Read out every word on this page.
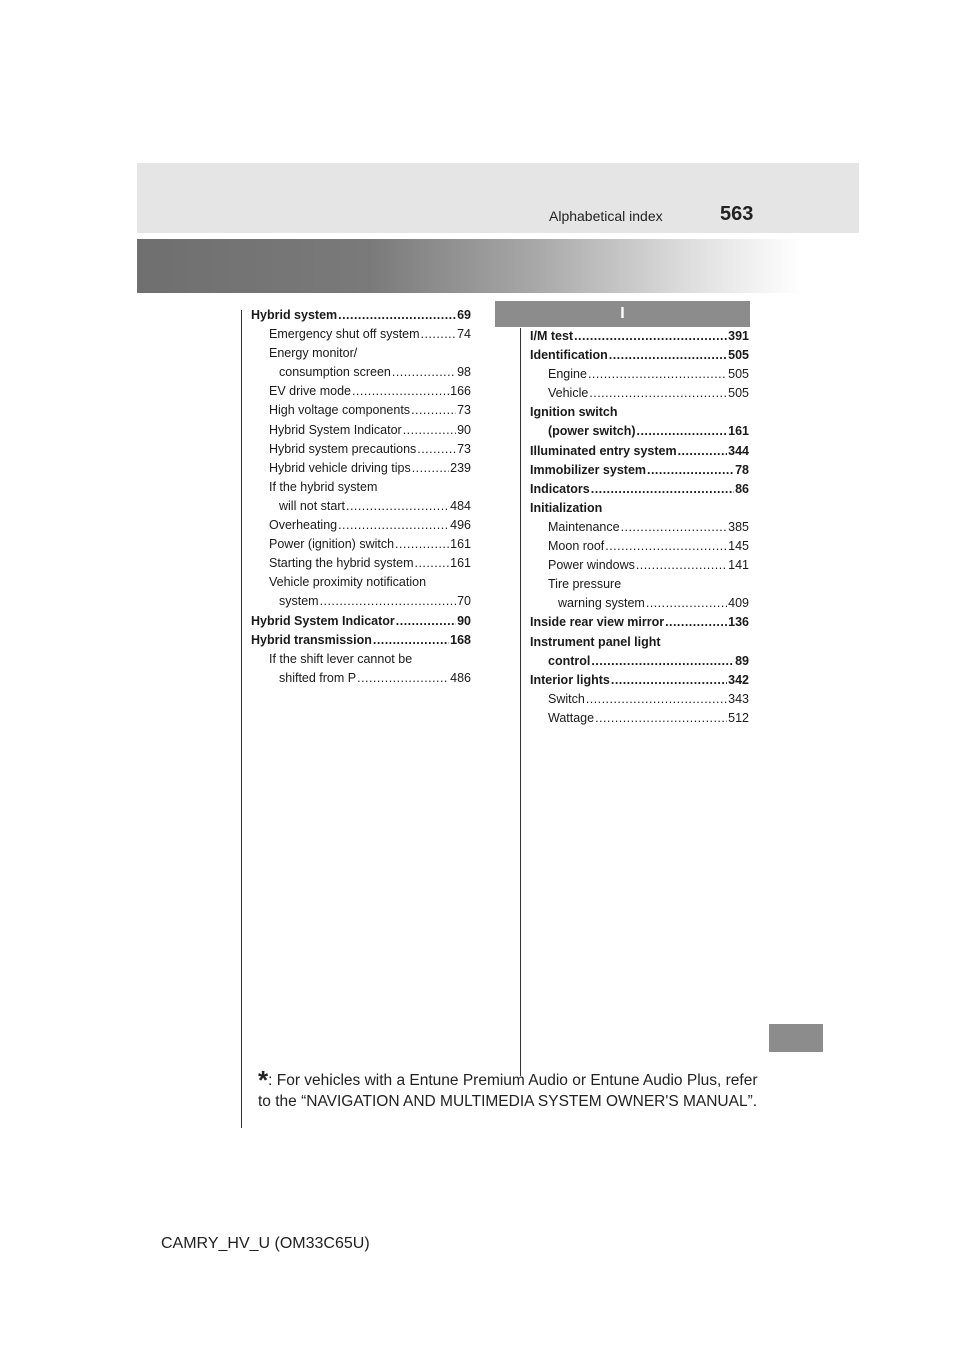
Alphabetical index	563
I
Hybrid system . . .	69
Emergency shut off system . . .	74
Energy monitor/
consumption screen . . .	98
EV drive mode . . .	166
High voltage components . . .	73
Hybrid System Indicator . . .	90
Hybrid system precautions . . .	73
Hybrid vehicle driving tips . . .	239
If the hybrid system
will not start . . .	484
Overheating . . .	496
Power (ignition) switch . . .	161
Starting the hybrid system . . .	161
Vehicle proximity notification
system . . .	70
Hybrid System Indicator . . .	90
Hybrid transmission . . .	168
If the shift lever cannot be
shifted from P . . .	486
I/M test . . .	391
Identification . . .	505
Engine . . .	505
Vehicle . . .	505
Ignition switch
(power switch) . . .	161
Illuminated entry system . . .	344
Immobilizer system . . .	78
Indicators . . .	86
Initialization
Maintenance . . .	385
Moon roof . . .	145
Power windows . . .	141
Tire pressure
warning system . . .	409
Inside rear view mirror . . .	136
Instrument panel light
control . . .	89
Interior lights . . .	342
Switch . . .	343
Wattage . . .	512
*: For vehicles with a Entune Premium Audio or Entune Audio Plus, refer to the “NAVIGATION AND MULTIMEDIA SYSTEM OWNER'S MANUAL”.
CAMRY_HV_U (OM33C65U)
